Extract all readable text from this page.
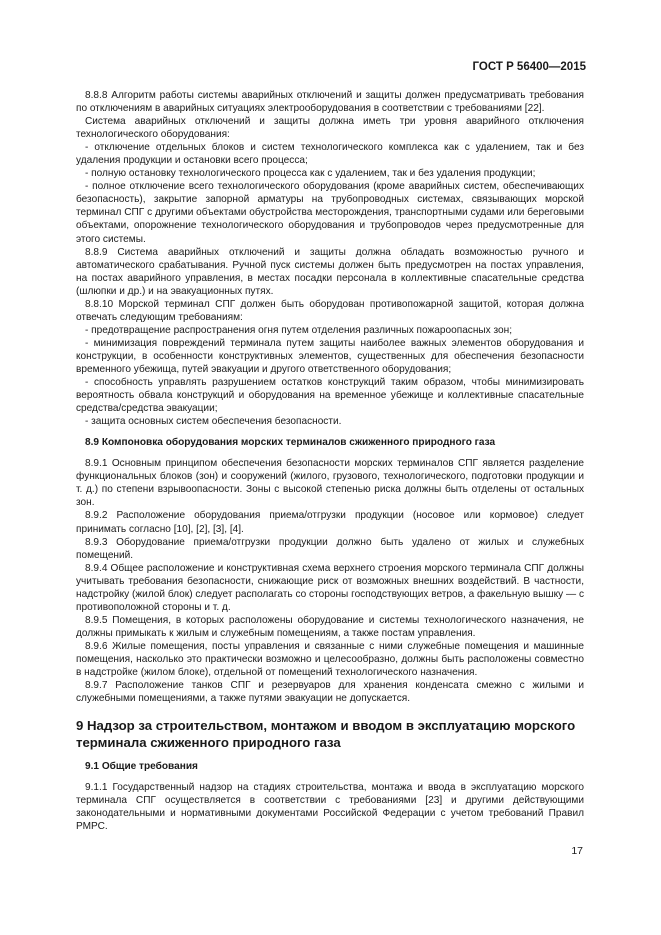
ГОСТ Р 56400—2015

8.8.8 Алгоритм работы системы аварийных отключений и защиты должен предусматривать требования по отключениям в аварийных ситуациях электрооборудования в соответствии с требованиями [22].

Система аварийных отключений и защиты должна иметь три уровня аварийного отключения технологического оборудования:

- отключение отдельных блоков и систем технологического комплекса как с удалением, так и без удаления продукции и остановки всего процесса;

- полную остановку технологического процесса как с удалением, так и без удаления продукции;

- полное отключение всего технологического оборудования (кроме аварийных систем, обеспечивающих безопасность), закрытие запорной арматуры на трубопроводных системах, связывающих морской терминал СПГ с другими объектами обустройства месторождения, транспортными судами или береговыми объектами, опорожнение технологического оборудования и трубопроводов через предусмотренные для этого системы.

8.8.9 Система аварийных отключений и защиты должна обладать возможностью ручного и автоматического срабатывания. Ручной пуск системы должен быть предусмотрен на постах управления, на постах аварийного управления, в местах посадки персонала в коллективные спасательные средства (шлюпки и др.) и на эвакуационных путях.

8.8.10 Морской терминал СПГ должен быть оборудован противопожарной защитой, которая должна отвечать следующим требованиям:

- предотвращение распространения огня путем отделения различных пожароопасных зон;

- минимизация повреждений терминала путем защиты наиболее важных элементов оборудования и конструкции, в особенности конструктивных элементов, существенных для обеспечения безопасности временного убежища, путей эвакуации и другого ответственного оборудования;

- способность управлять разрушением остатков конструкций таким образом, чтобы минимизировать вероятность обвала конструкций и оборудования на временное убежище и коллективные спасательные средства/средства эвакуации;

- защита основных систем обеспечения безопасности.

8.9 Компоновка оборудования морских терминалов сжиженного природного газа

8.9.1 Основным принципом обеспечения безопасности морских терминалов СПГ является разделение функциональных блоков (зон) и сооружений (жилого, грузового, технологического, подготовки продукции и т. д.) по степени взрывоопасности. Зоны с высокой степенью риска должны быть отделены от остальных зон.

8.9.2 Расположение оборудования приема/отгрузки продукции (носовое или кормовое) следует принимать согласно [10], [2], [3], [4].

8.9.3 Оборудование приема/отгрузки продукции должно быть удалено от жилых и служебных помещений.

8.9.4 Общее расположение и конструктивная схема верхнего строения морского терминала СПГ должны учитывать требования безопасности, снижающие риск от возможных внешних воздействий. В частности, надстройку (жилой блок) следует располагать со стороны господствующих ветров, а факельную вышку — с противоположной стороны и т. д.

8.9.5 Помещения, в которых расположены оборудование и системы технологического назначения, не должны примыкать к жилым и служебным помещениям, а также постам управления.

8.9.6 Жилые помещения, посты управления и связанные с ними служебные помещения и машинные помещения, насколько это практически возможно и целесообразно, должны быть расположены совместно в надстройке (жилом блоке), отдельной от помещений технологического назначения.

8.9.7 Расположение танков СПГ и резервуаров для хранения конденсата смежно с жилыми и служебными помещениями, а также путями эвакуации не допускается.

9 Надзор за строительством, монтажом и вводом в эксплуатацию морского терминала сжиженного природного газа

9.1 Общие требования

9.1.1 Государственный надзор на стадиях строительства, монтажа и ввода в эксплуатацию морского терминала СПГ осуществляется в соответствии с требованиями [23] и другими действующими законодательными и нормативными документами Российской Федерации с учетом требований Правил РМРС.

17
